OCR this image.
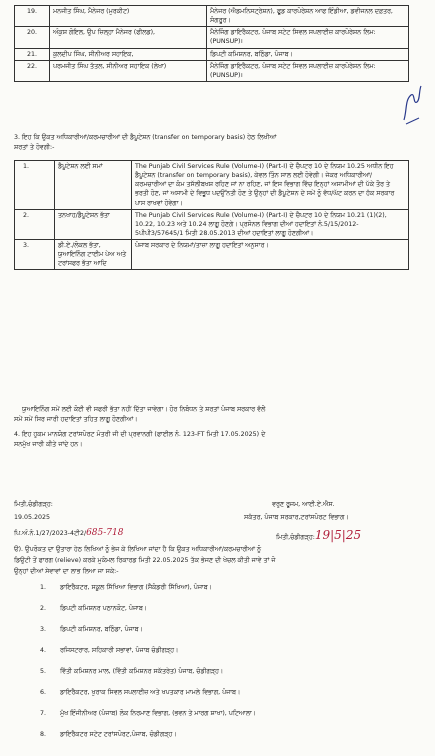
19.	ਮਨਜੀਤ ਸਿੰਘ, ਮੈਨੇਜਰ (ਮੁਰਕੀਟ)	ਮੈਨੇਜਰ (ਐਡਮਨਿਸਟ੍ਰੇਸ਼ਨ), ਫੂਡ ਕਾਰਪੋਰੇਸ਼ਨ ਆਫ ਇੰਡੀਆ, ਡਵੀਜਨਲ ਦਫ਼ਤਰ, ਸੰਗਰੂਰ।
20.	ਅੰਕੁਸ਼ ਗੋਇਲ, ਉਪ ਜ਼ਿਲ੍ਹਾ ਮੈਨੇਜਰ (ਫੀਲਡ),	ਮੈਨੇਜਿੰਗ ਡਾਇਰੈਕਟਰ, ਪੰਜਾਬ ਸਟੇਟ ਸਿਵਲ ਸਪਲਾਈਜ਼ ਕਾਰਪੋਰੇਸ਼ਨ ਲਿਮ: (PUNSUP)।
21.	ਕੁਲਦੀਪ ਸਿੰਘ, ਸੀਨੀਅਰ ਸਹਾਇਕ,	ਡਿਪਟੀ ਕਮਿਸ਼ਨਰ, ਬਠਿੰਡਾ, ਪੰਜਾਬ।
22.	ਪਰਮਜੀਤ ਸਿੰਘ ਤੱਤਲ, ਸੀਨੀਅਰ ਸਹਾਇਕ (ਲੇਖਾ)	ਮੈਨੇਜਿੰਗ ਡਾਇਰੈਕਟਰ, ਪੰਜਾਬ ਸਟੇਟ ਸਿਵਲ ਸਪਲਾਈਜ਼ ਕਾਰਪੋਰੇਸ਼ਨ ਲਿਮ: (PUNSUP)।
3. ਇਹ ਕਿ ਉਕਤ ਅਧਿਕਾਰੀਆਂ/ਕਰਮਚਾਰੀਆਂ ਦੀ ਡੈਪੂਟੇਸ਼ਨ (transfer on temporary basis) ਹੇਠ ਲਿਖੀਆਂ
ਸ਼ਰਤਾਂ ਤੇ ਹੋਵਗੀ:-
1.	ਡੈਪੂਟੇਸ਼ਨ ਲਈ ਸਮਾਂ	The Punjab Civil Services Rule (Volume-I) (Part-I) ਦੇ ਚੈਪਟਰ 10 ਦੇ ਨਿਯਮ 10.25 ਅਧੀਨ ਇਹ ਡੈਪੂਟੇਸ਼ਨ (transfer on temporary basis), ਕੇਵਲ ਤਿੰਨ ਸਾਲ ਲਈ ਹੋਵੇਗੀ। ਜੇਕਰ ਅਧਿਕਾਰੀਆਂ/ ਕਰਮਚਾਰੀਆਂ ਦਾ ਕੰਮ ਤਸੱਲੀਬਖਸ਼ ਰਹਿਣ ਜਾਂ ਨਾ ਰਹਿਣ, ਜਾਂ ਇਸ ਵਿਭਾਗ ਵਿੱਚ ਇਨ੍ਹਾਂ ਅਸਾਮੀਆਂ ਦੀ ਪੱਕੇ ਤੌਰ ਤੇ ਭਰਤੀ ਹੋਣ, ਜਾਂ ਅਸਾਮੀ ਦੇ ਵਿਭੂਧ ਪਦਉੱਨਤੀ ਹੋਣ ਤੇ ਉਨ੍ਹਾਂ ਦੀ ਡੈਪੂਟੇਸ਼ਨ ਦੇ ਸਮੇਂ ਨੂੰ ਵੱਧ/ਘੱਟ ਕਰਨ ਦਾ ਹੱਕ ਸਰਕਾਰ ਪਾਸ ਰਾਖਵਾਂ ਹੋਵੇਗਾ।
2.	ਤਨਖਾਹ/ਡੈਪੂਟੇਸ਼ਨ ਭੱਤਾ	The Punjab Civil Services Rule (Volume-I) (Part-I) ਦੇ ਚੈਪਟਰ 10 ਦੇ ਨਿਯਮ 10.21 (1)(2), 10.22, 10.23 ਅਤੇ 10.24 ਲਾਗੂ ਹੋਣਗੇ। ਪ੍ਰਸੋਨਲ ਵਿਭਾਗ ਦੀਆਂ ਹਦਾਇਤਾਂ ਨੰ.5/15/2012-5ਪੀਪੀ3/57645/1 ਮਿਤੀ 28.05.2013 ਦੀਆਂ ਹਦਾਇਤਾਂ ਲਾਗੂ ਹੋਣਗੀਆਂ।
3.	ਡੀ.ਏ./ਲੋਕਲ ਭੱਤਾ, ਯੁਆਇਨਿੰਗ ਟਾਈਮ ਪੇਅ ਅਤੇ ਟਰਾਂਸਫਰ ਭੱਤਾ ਆਦਿ	ਪੰਜਾਬ ਸਰਕਾਰ ਦੇ ਨਿਯਮਾਂ/ਤਾਜ਼ਾ ਲਾਗੂ ਹਦਾਇਤਾਂ ਅਨੁਸਾਰ।
ਯੁਆਇਨਿੰਗ ਸਮੇਂ ਲਈ ਕੋਈ ਵੀ ਸਫਰੀ ਭੱਤਾ ਨਹੀਂ ਦਿੱਤਾ ਜਾਵੇਗਾ। ਹੋਰ ਨਿਬੰਧਨ ਤੇ ਸ਼ਰਤਾਂ ਪੰਜਾਬ ਸਰਕਾਰ ਵੱਲੋਂ
ਸਮੇਂ ਸਮੇਂ ਸਿਰ ਜਾਰੀ ਹਦਾਇਤਾਂ ਤਹਿਤ ਲਾਗੂ ਹੋਣਗੀਆਂ।
4. ਇਹ ਹੁਕਮ ਮਾਨਯੋਗ ਟਰਾਂਸਪੋਰਟ ਮੰਤਰੀ ਜੀ ਦੀ ਪ੍ਰਵਾਨਗੀ (ਫਾਈਲ ਨੰ. 123-FT ਮਿਤੀ 17.05.2025) ਦੇ
ਸਨਮੁੱਖ ਜਾਰੀ ਕੀਤੇ ਜਾਂਦੇ ਹਨ।
ਮਿਤੀ,ਚੰਡੀਗੜ੍ਹ:
19.05.2025
ਵਰੁਣ ਰੂਜਮ, ਆਈ.ਏ.ਐਸ.
ਸਕੱਤਰ, ਪੰਜਾਬ ਸਰਕਾਰ,ਟਰਾਂਸਪੋਰਟ ਵਿਭਾਗ।
ਪਿ.ਅੰ.ਨੰ.1/27/2023-4ਟੀ2/685-718	ਮਿਤੀ,ਚੰਡੀਗੜ੍ਹ:19|5|25
ੳ). ਉਪਰੋਕਤ ਦਾ ਉਤਾਰਾ ਹੇਠ ਲਿਖਿਆਂ ਨੂੰ ਭੇਜ ਕੇ ਲਿਖਿਆ ਜਾਂਦਾ ਹੈ ਕਿ ਉਕਤ ਅਧਿਕਾਰੀਆਂ/ਕਰਮਚਾਰੀਆਂ ਨੂੰ
ਡਿਉਟੀ ਤੋਂ ਫਾਰਗ (relieve) ਕਰਕੇ ਮੁਕੰਮਲ ਰਿਕਾਰਡ ਮਿਤੀ 22.05.2025 ਤੱਕ ਭੇਜਣ ਦੀ ਖੇਚਲ ਕੀਤੀ ਜਾਵੇ ਤਾਂ ਜੋ
ਉਨ੍ਹਾਂ ਦੀਆਂ ਸੇਵਾਵਾਂ ਦਾ ਲਾਭ ਲਿਆ ਜਾ ਸਕੇ:-
1. ਡਾਇਰੈਕਟਰ, ਸਕੂਲ ਸਿੱਖਿਆ ਵਿਭਾਗ (ਸੈਕੰਡਰੀ ਸਿੱਖਿਆ), ਪੰਜਾਬ।
2. ਡਿਪਟੀ ਕਮਿਸ਼ਨਰ ਪਠਾਨਕੋਟ, ਪੰਜਾਬ।
3. ਡਿਪਟੀ ਕਮਿਸ਼ਨਰ, ਬਠਿੰਡਾ, ਪੰਜਾਬ।
4. ਰਜਿਸਟਰਾਰ, ਸਹਿਕਾਰੀ ਸਭਾਵਾਂ, ਪੰਜਾਬ ਚੰਡੀਗੜ੍ਹ।
5. ਵਿੱਤੀ ਕਮਿਸ਼ਨਰ ਮਾਲ, (ਵਿੱਤੀ ਕਮਿਸ਼ਨਰ ਸਕੱਤਰੇਤ) ਪੰਜਾਬ, ਚੰਡੀਗੜ੍ਹ।
6. ਡਾਇਰੈਕਟਰ, ਖੁਰਾਕ ਸਿਵਲ ਸਪਲਾਈਜ਼ ਅਤੇ ਖਪਤਕਾਰ ਮਾਮਲੇ ਵਿਭਾਗ, ਪੰਜਾਬ।
7. ਮੁੱਖ ਇੰਜੀਨੀਅਰ (ਪੰਜਾਬ) ਲੋਕ ਨਿਰਮਾਣ ਵਿਭਾਗ, (ਭਵਨ ਤੇ ਮਾਰਗ ਸ਼ਾਖਾ), ਪਟਿਆਲਾ।
8. ਡਾਇਰੈਕਟਰ ਸਟੇਟ ਟਰਾਂਸਪੋਰਟ,ਪੰਜਾਬ, ਚੰਡੀਗੜ੍ਹ।
